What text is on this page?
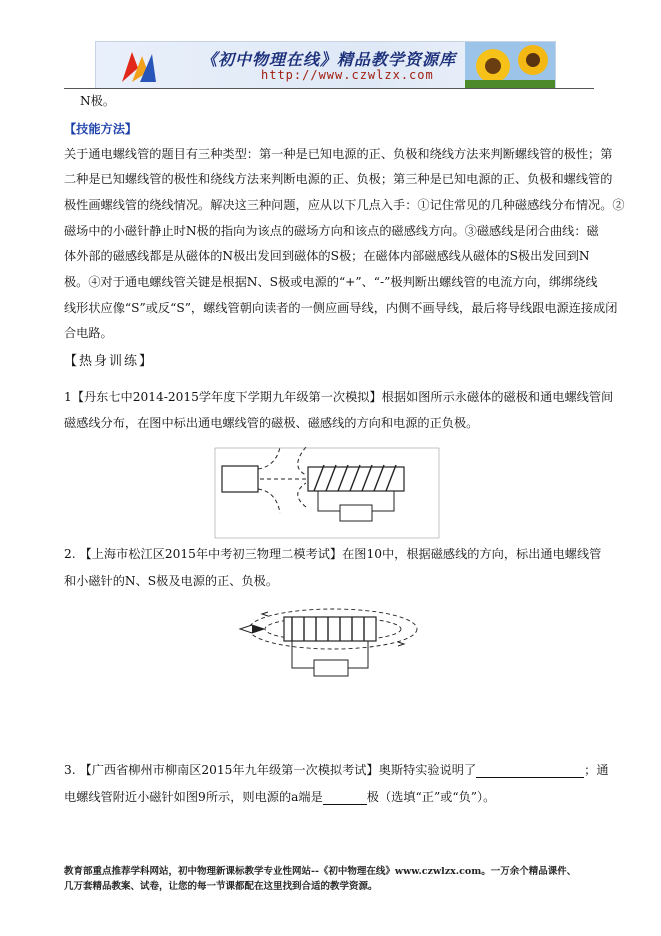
《初中物理在线》精品教学资源库
http://www.czwlzx.com
N极。
【技能方法】
关于通电螺线管的题目有三种类型：第一种是已知电源的正、负极和绕线方法来判断螺线管的极性；第
二种是已知螺线管的极性和绕线方法来判断电源的正、负极；第三种是已知电源的正、负极和螺线管的
极性画螺线管的绕线情况。解决这三种问题，应从以下几点入手：①记住常见的几种磁感线分布情况。②
磁场中的小磁针静止时N极的指向为该点的磁场方向和该点的磁感线方向。③磁感线是闭合曲线：磁
体外部的磁感线都是从磁体的N极出发回到磁体的S极；在磁体内部磁感线从磁体的S极出发回到N
极。④对于通电螺线管关键是根据N、S极或电源的“+”、“-”极判断出螺线管的电流方向，绑绑绕线
线形状应像“S”或反“S”，螺线管朝向读者的一侧应画导线，内侧不画导线，最后将导线跟电源连接成闭
合电路。
【热身训练】
1【丹东七中2014-2015学年度下学期九年级第一次模拟】根据如图所示永磁体的磁极和通电螺线管间
磁感线分布，在图中标出通电螺线管的磁极、磁感线的方向和电源的正负极。
2. 【上海市松江区2015年中考初三物理二模考试】在图10中，根据磁感线的方向，标出通电螺线管
和小磁针的N、S极及电源的正、负极。
3. 【广西省柳州市柳南区2015年九年级第一次模拟考试】奥斯特实验说明了	；通
电螺线管附近小磁针如图9所示，则电源的a端是	极（选填“正”或“负”）。
教育部重点推荐学科网站，初中物理新课标教学专业性网站--《初中物理在线》www.czwlzx.com。一万余个精品课件、
几万套精品教案、试卷，让您的每一节课都配在这里找到合适的教学资源。
